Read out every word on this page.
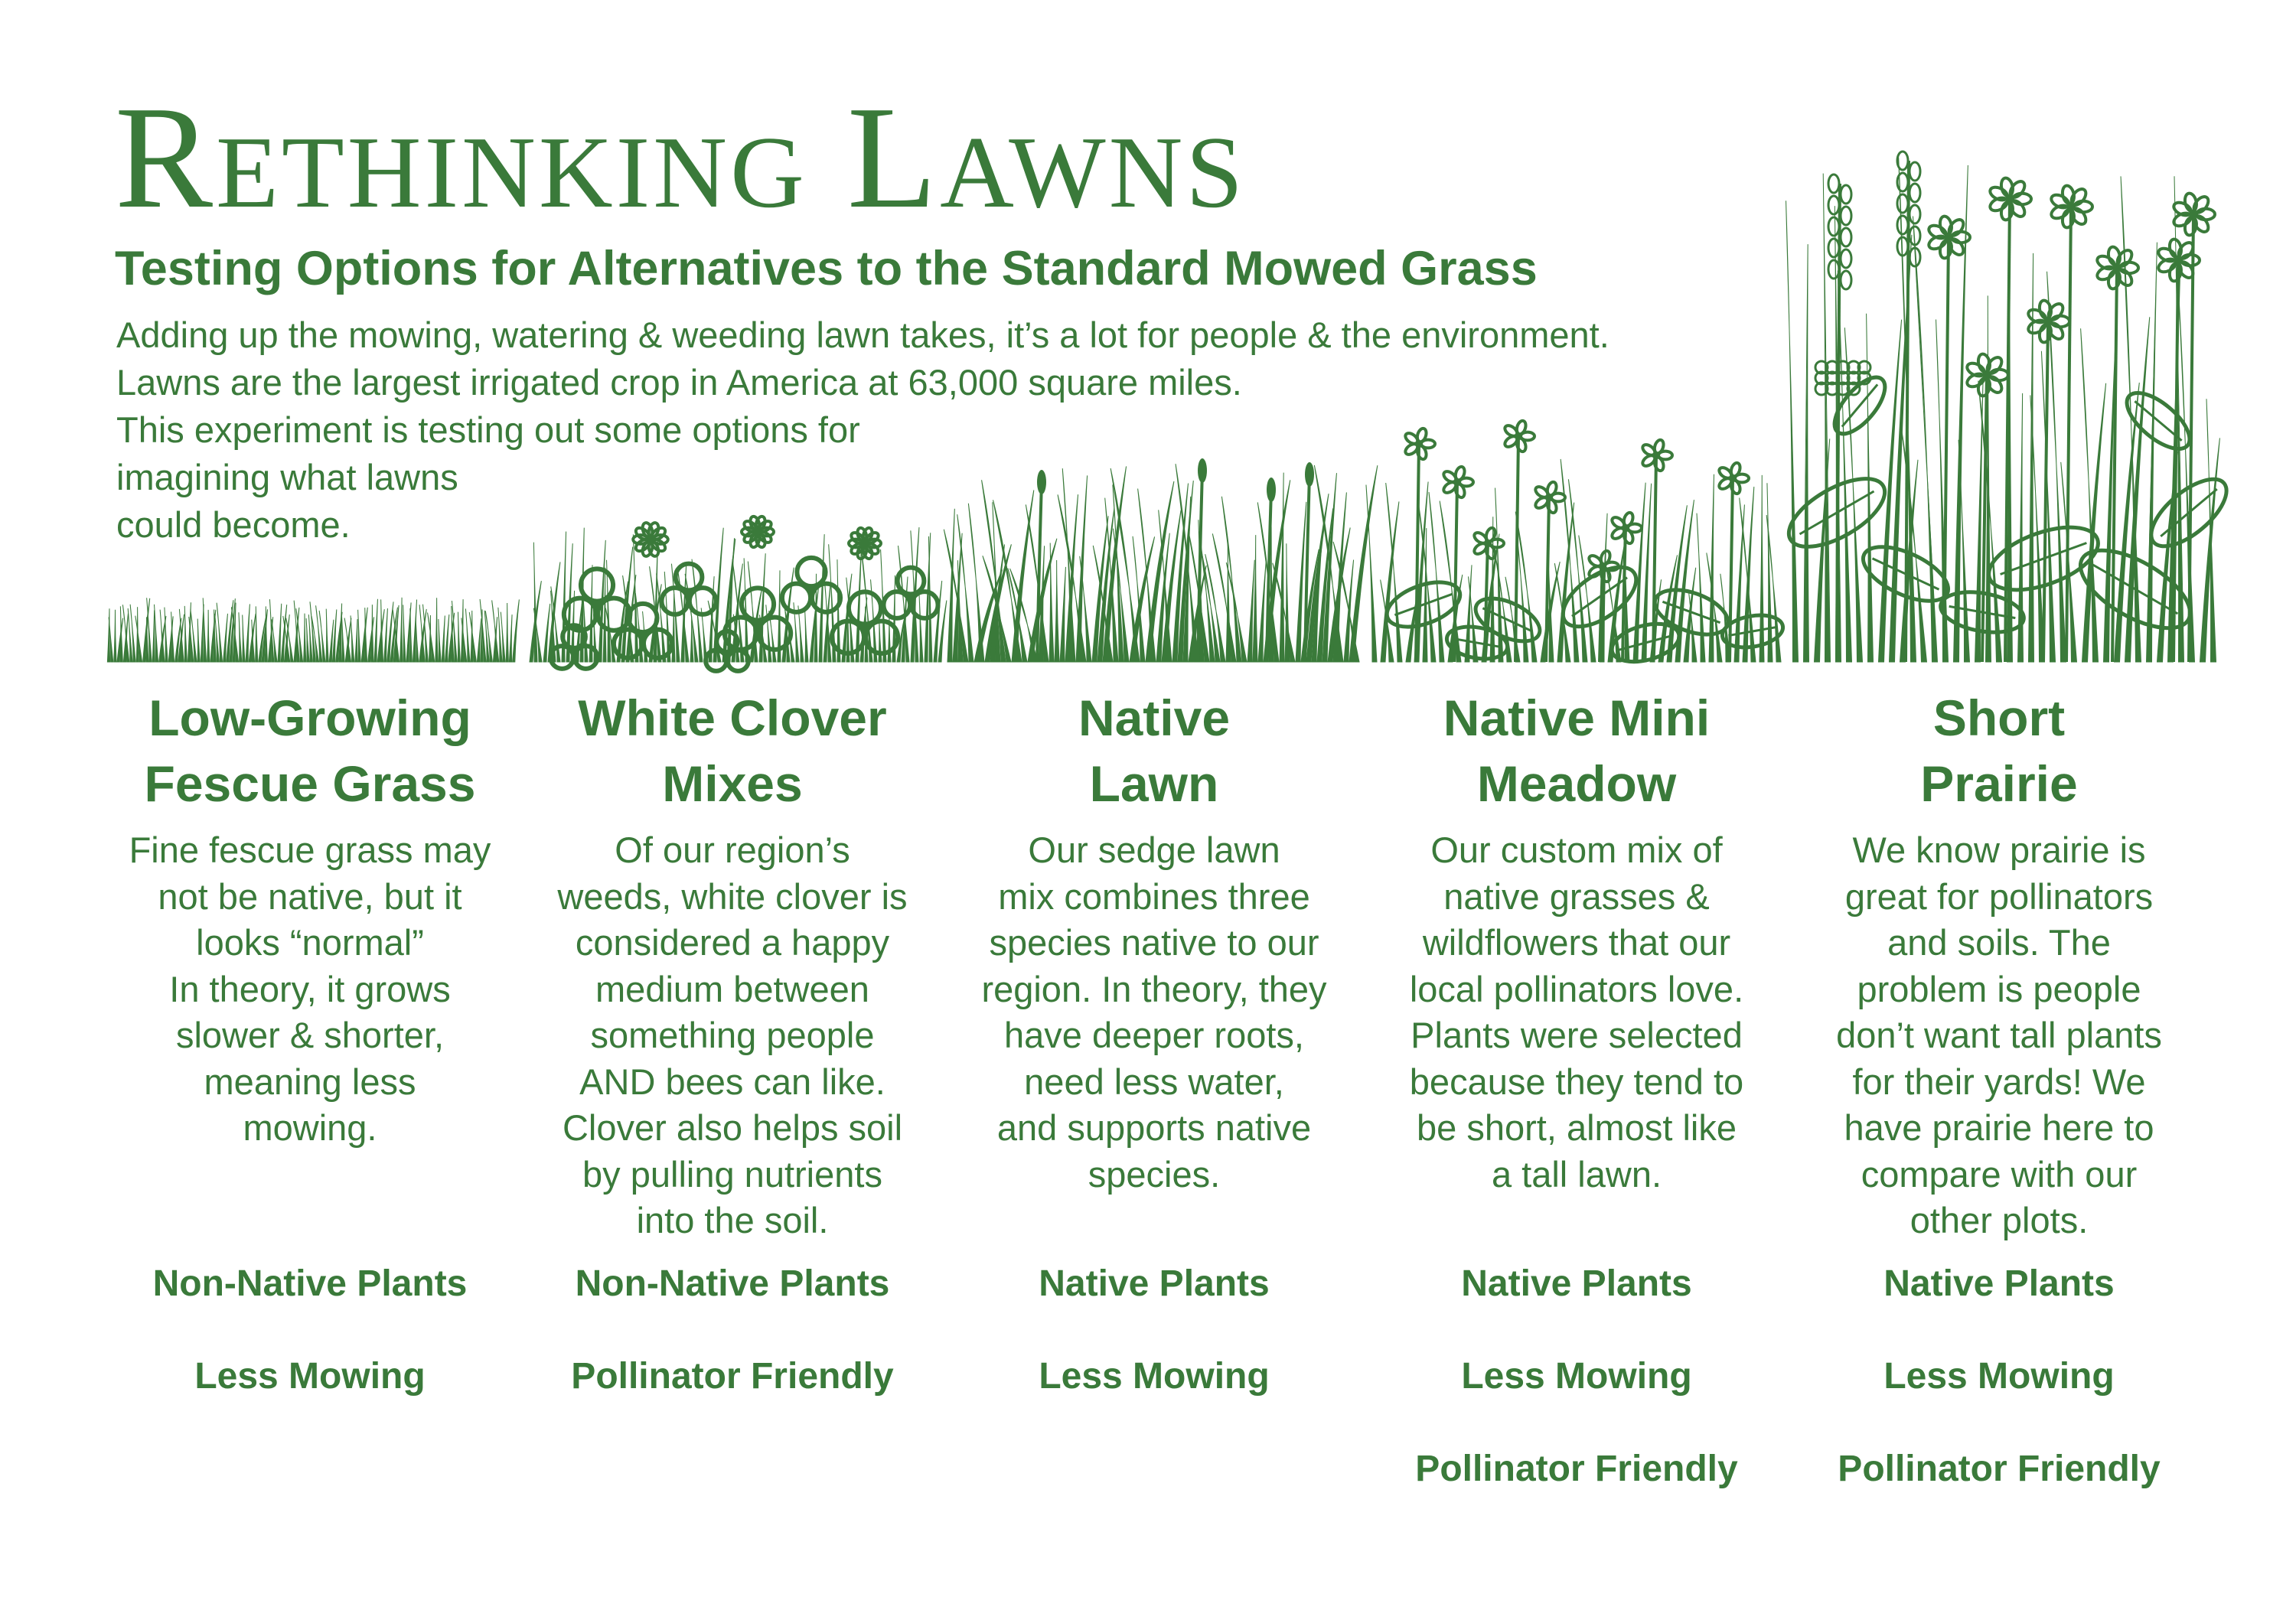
Rethinking Lawns
Testing Options for Alternatives to the Standard Mowed Grass
Adding up the mowing, watering & weeding lawn takes, it’s a lot for people & the environment.
Lawns are the largest irrigated crop in America at 63,000 square miles.
This experiment is testing out some options for
imagining what lawns
could become.
Low-Growing
Fescue Grass
Fine fescue grass may
not be native, but it
looks “normal”
In theory, it grows
slower & shorter,
meaning less
mowing.
Non-Native Plants
Less Mowing
White Clover
Mixes
Of our region’s
weeds, white clover is
considered a happy
medium between
something people
AND bees can like.
Clover also helps soil
by pulling nutrients
into the soil.
Non-Native Plants
Pollinator Friendly
Native
Lawn
Our sedge lawn
mix combines three
species native to our
region. In theory, they
have deeper roots,
need less water,
and supports native
species.
Native Plants
Less Mowing
Native Mini
Meadow
Our custom mix of
native grasses &
wildflowers that our
local pollinators love.
Plants were selected
because they tend to
be short, almost like
a tall lawn.
Native Plants
Less Mowing
Pollinator Friendly
Short
Prairie
We know prairie is
great for pollinators
and soils. The
problem is people
don’t want tall plants
for their yards! We
have prairie here to
compare with our
other plots.
Native Plants
Less Mowing
Pollinator Friendly
